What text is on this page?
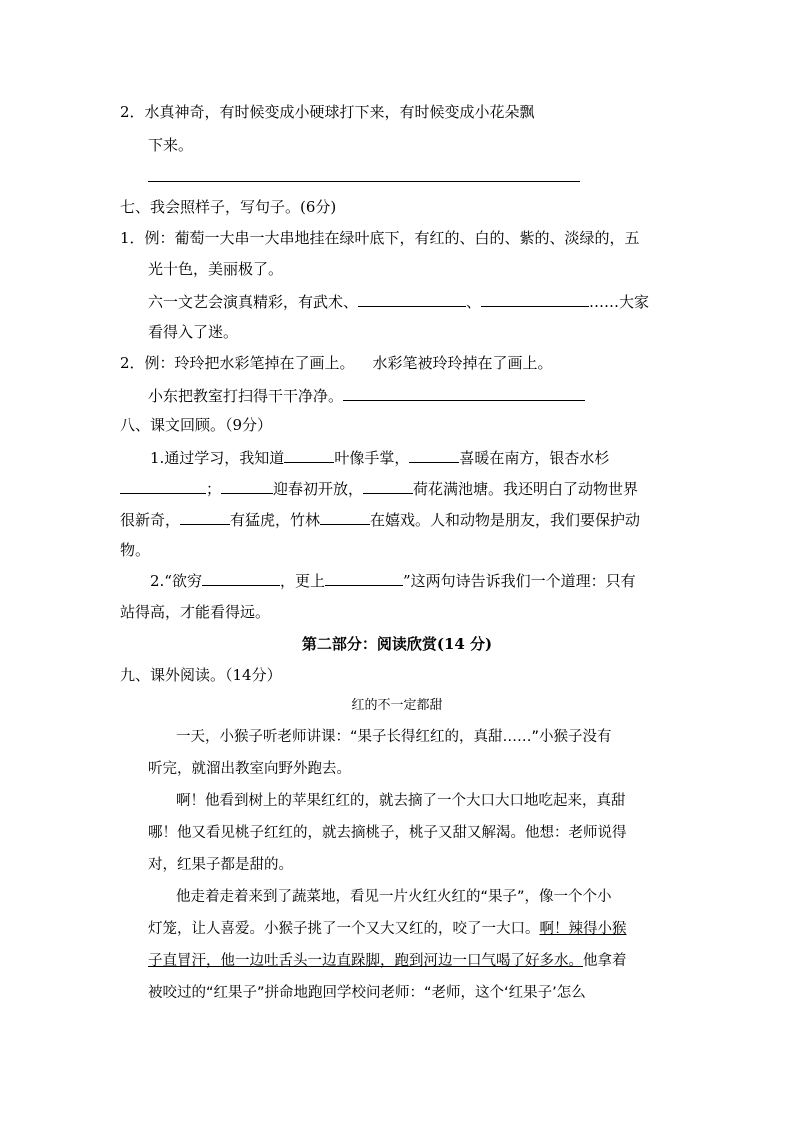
2．水真神奇，有时候变成小硬球打下来，有时候变成小花朵飘
下来。
七、我会照样子，写句子。(6分)
1．例：葡萄一大串一大串地挂在绿叶底下，有红的、白的、紫的、淡绿的，五
光十色，美丽极了。
六一文艺会演真精彩，有武术、	、	……大家
看得入了迷。
2．例：玲玲把水彩笔掉在了画上。 水彩笔被玲玲掉在了画上。
小东把教室打扫得干干净净。
八、课文回顾。（9分）
1.通过学习，我知道	叶像手掌，	喜暖在南方，银杏水杉
；	迎春初开放，	荷花满池塘。我还明白了动物世界
很新奇，	有猛虎，竹林	在嬉戏。人和动物是朋友，我们要保护动
物。
2.“欲穷	，更上	”这两句诗告诉我们一个道理：只有
站得高，才能看得远。
第二部分：阅读欣赏(14 分)
九、课外阅读。（14分）
红的不一定都甜
一天，小猴子听老师讲课：“果子长得红红的，真甜……”小猴子没有
听完，就溜出教室向野外跑去。
啊！他看到树上的苹果红红的，就去摘了一个大口大口地吃起来，真甜
哪！他又看见桃子红红的，就去摘桃子，桃子又甜又解渴。他想：老师说得
对，红果子都是甜的。
他走着走着来到了蔬菜地，看见一片火红火红的“果子”，像一个个小
灯笼，让人喜爱。小猴子挑了一个又大又红的，咬了一大口。啊！辣得小猴
子直冒汗，他一边吐舌头一边直跺脚，跑到河边一口气喝了好多水。他拿着
被咬过的“红果子”拼命地跑回学校问老师：“老师，这个‘红果子’怎么
